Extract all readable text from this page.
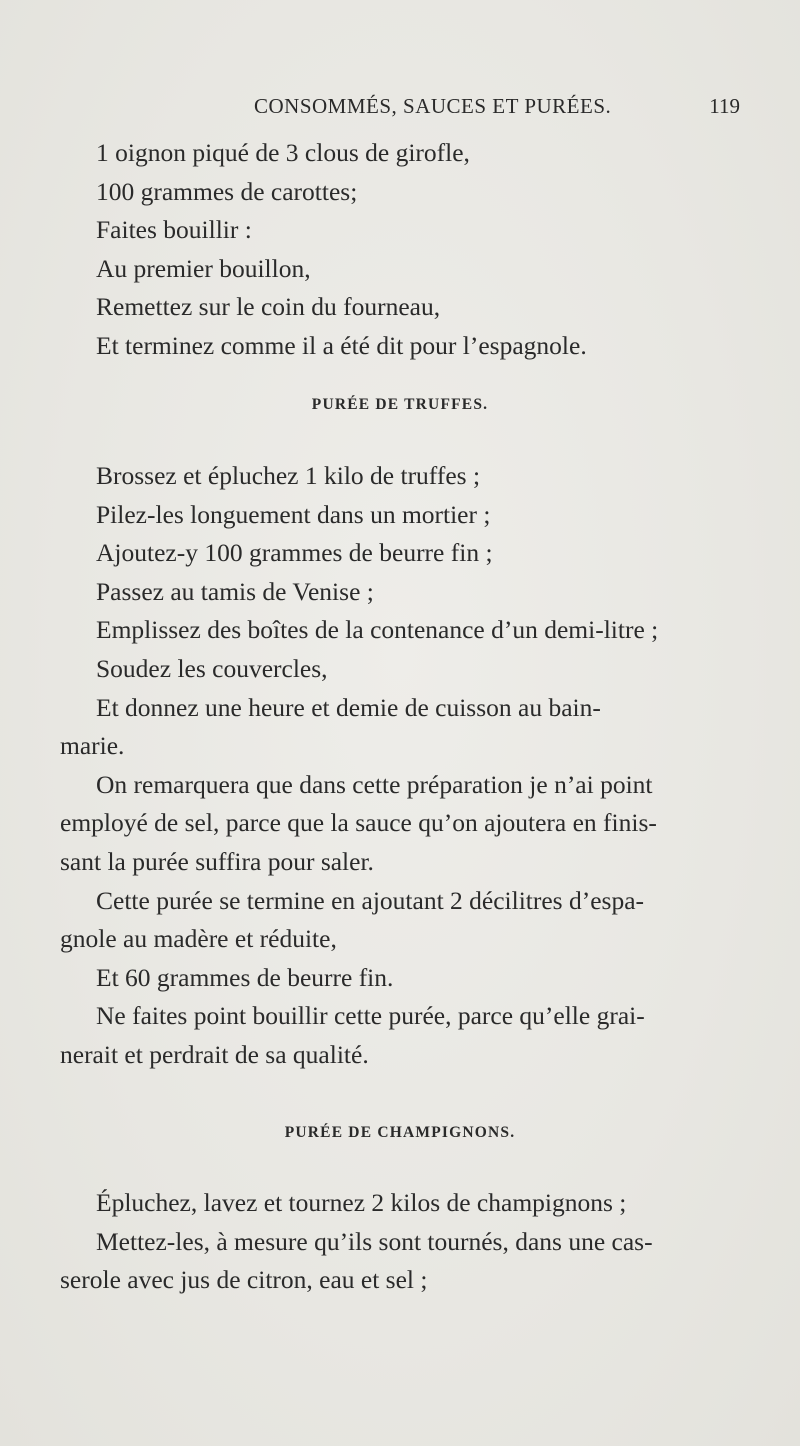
CONSOMMÉS, SAUCES ET PURÉES.	119
1 oignon piqué de 3 clous de girofle,
100 grammes de carottes;
Faites bouillir :
Au premier bouillon,
Remettez sur le coin du fourneau,
Et terminez comme il a été dit pour l’espagnole.
PURÉE DE TRUFFES.
Brossez et épluchez 1 kilo de truffes ;
Pilez-les longuement dans un mortier ;
Ajoutez-y 100 grammes de beurre fin ;
Passez au tamis de Venise ;
Emplissez des boîtes de la contenance d’un demi-litre ;
Soudez les couvercles,
Et donnez une heure et demie de cuisson au bain-
marie.
On remarquera que dans cette préparation je n’ai point
employé de sel, parce que la sauce qu’on ajoutera en finis-
sant la purée suffira pour saler.
Cette purée se termine en ajoutant 2 décilitres d’espa-
gnole au madère et réduite,
Et 60 grammes de beurre fin.
Ne faites point bouillir cette purée, parce qu’elle grai-
nerait et perdrait de sa qualité.
PURÉE DE CHAMPIGNONS.
Épluchez, lavez et tournez 2 kilos de champignons ;
Mettez-les, à mesure qu’ils sont tournés, dans une cas-
serole avec jus de citron, eau et sel ;
